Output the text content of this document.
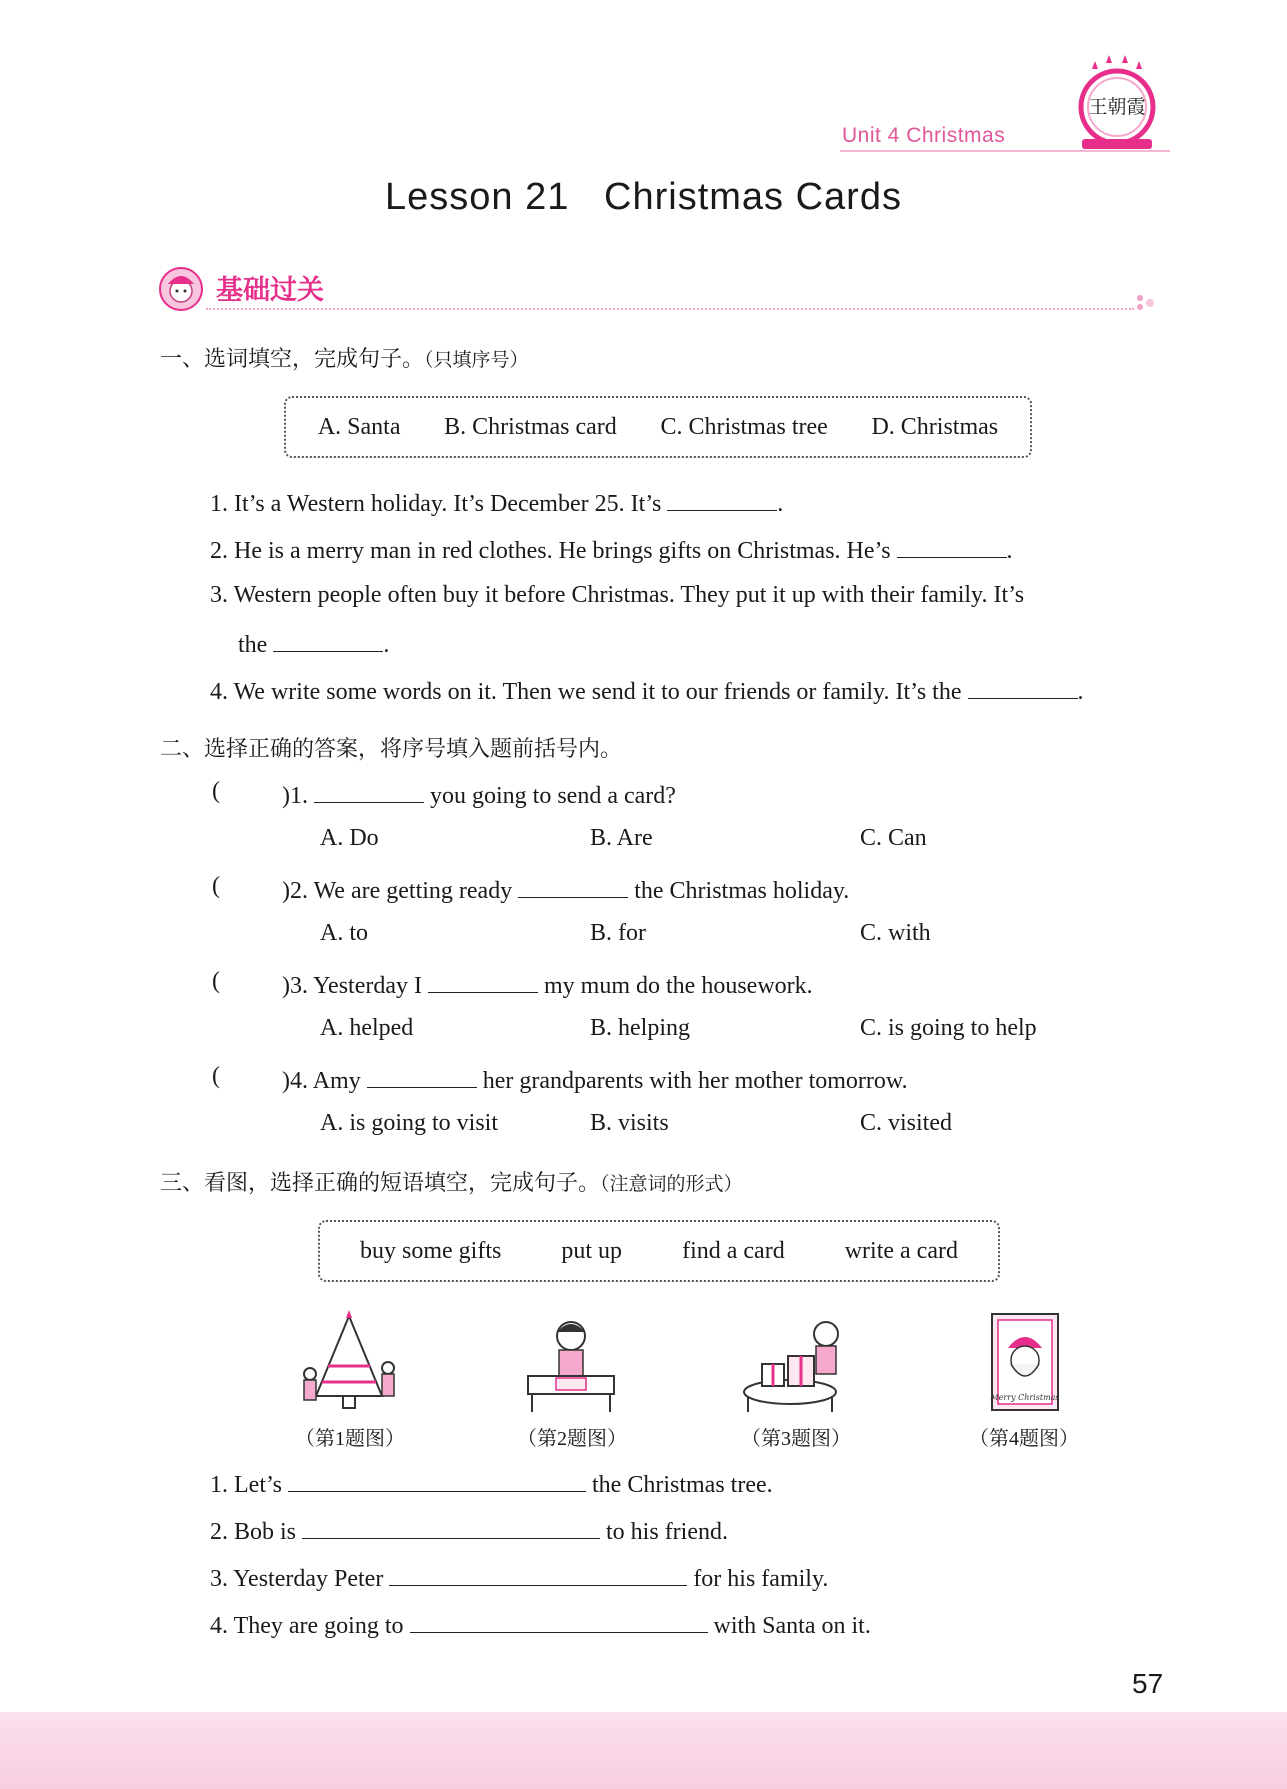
Unit 4 Christmas
王朝霞
Lesson 21   Christmas Cards
基础过关
一、选词填空，完成句子。（只填序号）
A. Santa B. Christmas card C. Christmas tree D. Christmas
1. It’s a Western holiday. It’s December 25. It’s	.
2. He is a merry man in red clothes. He brings gifts on Christmas. He’s	.
3. Western people often buy it before Christmas. They put it up with their family. It’s
the	.
4. We write some words on it. Then we send it to our friends or family. It’s the	.
二、选择正确的答案，将序号填入题前括号内。
(	)1.	you going to send a card?
A. Do	B. Are	C. Can
(	)2. We are getting ready	the Christmas holiday.
A. to	B. for	C. with
(	)3. Yesterday I	my mum do the housework.
A. helped	B. helping	C. is going to help
(	)4. Amy	her grandparents with her mother tomorrow.
A. is going to visit	B. visits	C. visited
三、看图，选择正确的短语填空，完成句子。（注意词的形式）
buy some gifts	put up	find a card	write a card
Merry Christmas
（第1题图）	（第2题图）	（第3题图）	（第4题图）
1. Let’s	the Christmas tree.
2. Bob is	to his friend.
3. Yesterday Peter	for his family.
4. They are going to	with Santa on it.
57
